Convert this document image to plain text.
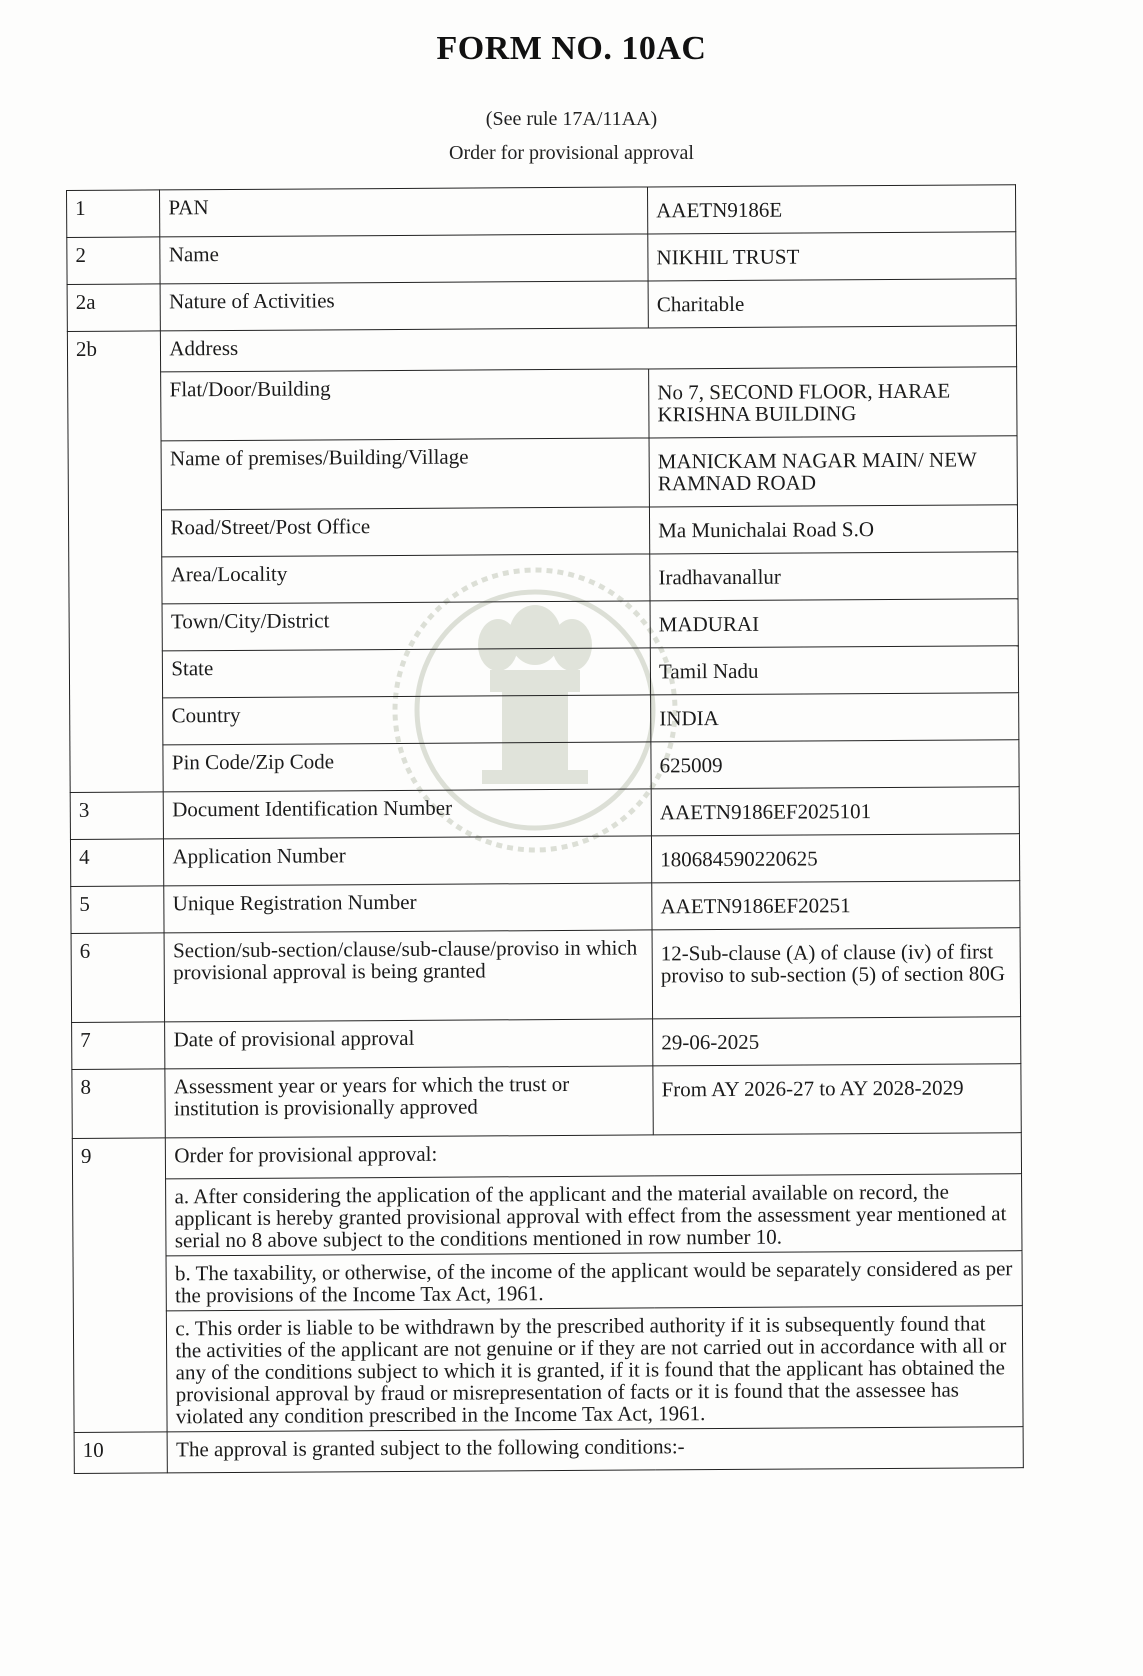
FORM NO. 10AC
(See rule 17A/11AA)
Order for provisional approval
1	PAN	AAETN9186E
2	Name	NIKHIL TRUST
2a	Nature of Activities	Charitable
2b	Address	
	Flat/Door/Building	No 7, SECOND FLOOR, HARAE KRISHNA BUILDING
	Name of premises/Building/Village	MANICKAM NAGAR MAIN/ NEW RAMNAD ROAD
	Road/Street/Post Office	Ma Munichalai Road S.O
	Area/Locality	Iradhavanallur
	Town/City/District	MADURAI
	State	Tamil Nadu
	Country	INDIA
	Pin Code/Zip Code	625009
3	Document Identification Number	AAETN9186EF2025101
4	Application Number	180684590220625
5	Unique Registration Number	AAETN9186EF20251
6	Section/sub-section/clause/sub-clause/proviso in which provisional approval is being granted	12-Sub-clause (A) of clause (iv) of first proviso to sub-section (5) of section 80G
7	Date of provisional approval	29-06-2025
8	Assessment year or years for which the trust or institution is provisionally approved	From AY 2026-27 to AY 2028-2029
9	Order for provisional approval:	
	a. After considering the application of the applicant and the material available on record, the applicant is hereby granted provisional approval with effect from the assessment year mentioned at serial no 8 above subject to the conditions mentioned in row number 10.	
	b. The taxability, or otherwise, of the income of the applicant would be separately considered as per the provisions of the Income Tax Act, 1961.	
	c. This order is liable to be withdrawn by the prescribed authority if it is subsequently found that the activities of the applicant are not genuine or if they are not carried out in accordance with all or any of the conditions subject to which it is granted, if it is found that the applicant has obtained the provisional approval by fraud or misrepresentation of facts or it is found that the assessee has violated any condition prescribed in the Income Tax Act, 1961.	
10	The approval is granted subject to the following conditions:-	
